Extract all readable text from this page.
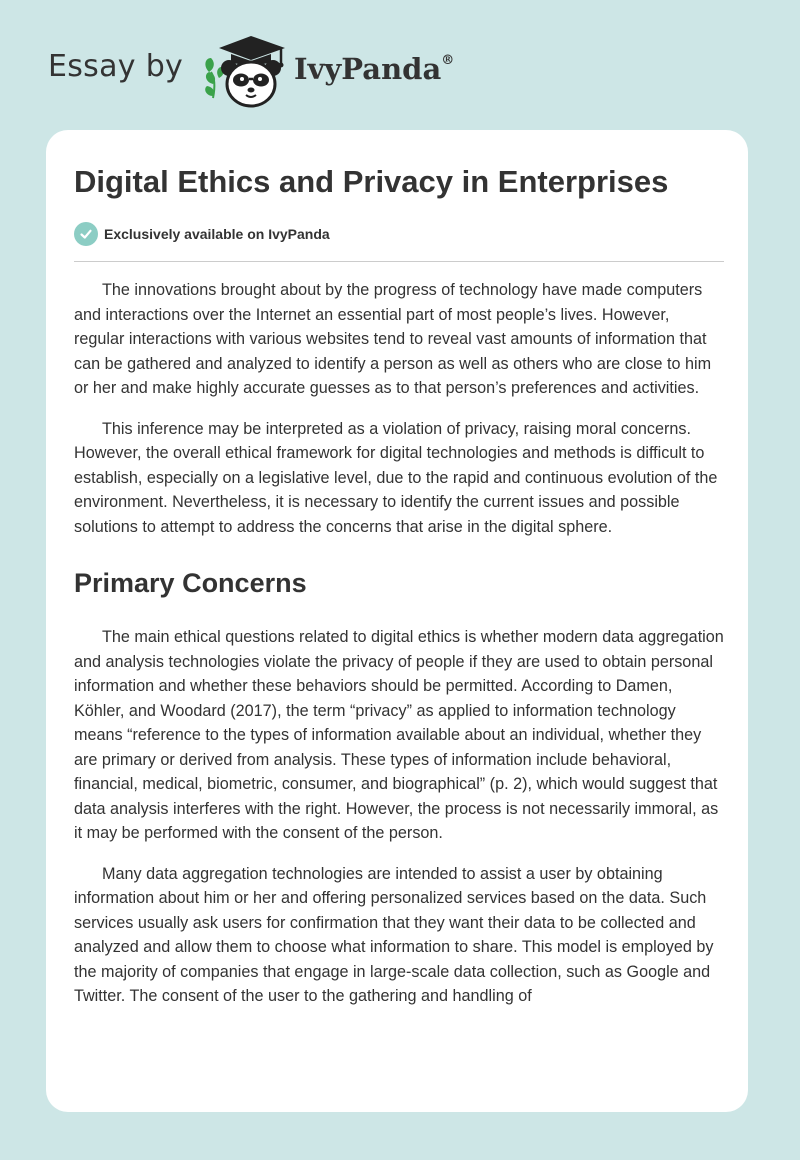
Essay by	IvyPanda®
Digital Ethics and Privacy in Enterprises
Exclusively available on IvyPanda

The innovations brought about by the progress of technology have made computers and interactions over the Internet an essential part of most people’s lives. However, regular interactions with various websites tend to reveal vast amounts of information that can be gathered and analyzed to identify a person as well as others who are close to him or her and make highly accurate guesses as to that person’s preferences and activities.

This inference may be interpreted as a violation of privacy, raising moral concerns. However, the overall ethical framework for digital technologies and methods is difficult to establish, especially on a legislative level, due to the rapid and continuous evolution of the environment. Nevertheless, it is necessary to identify the current issues and possible solutions to attempt to address the concerns that arise in the digital sphere.

Primary Concerns

The main ethical questions related to digital ethics is whether modern data aggregation and analysis technologies violate the privacy of people if they are used to obtain personal information and whether these behaviors should be permitted. According to Damen, Köhler, and Woodard (2017), the term “privacy” as applied to information technology means “reference to the types of information available about an individual, whether they are primary or derived from analysis. These types of information include behavioral, financial, medical, biometric, consumer, and biographical” (p. 2), which would suggest that data analysis interferes with the right. However, the process is not necessarily immoral, as it may be performed with the consent of the person.

Many data aggregation technologies are intended to assist a user by obtaining information about him or her and offering personalized services based on the data. Such services usually ask users for confirmation that they want their data to be collected and analyzed and allow them to choose what information to share. This model is employed by the majority of companies that engage in large-scale data collection, such as Google and Twitter. The consent of the user to the gathering and handling of
